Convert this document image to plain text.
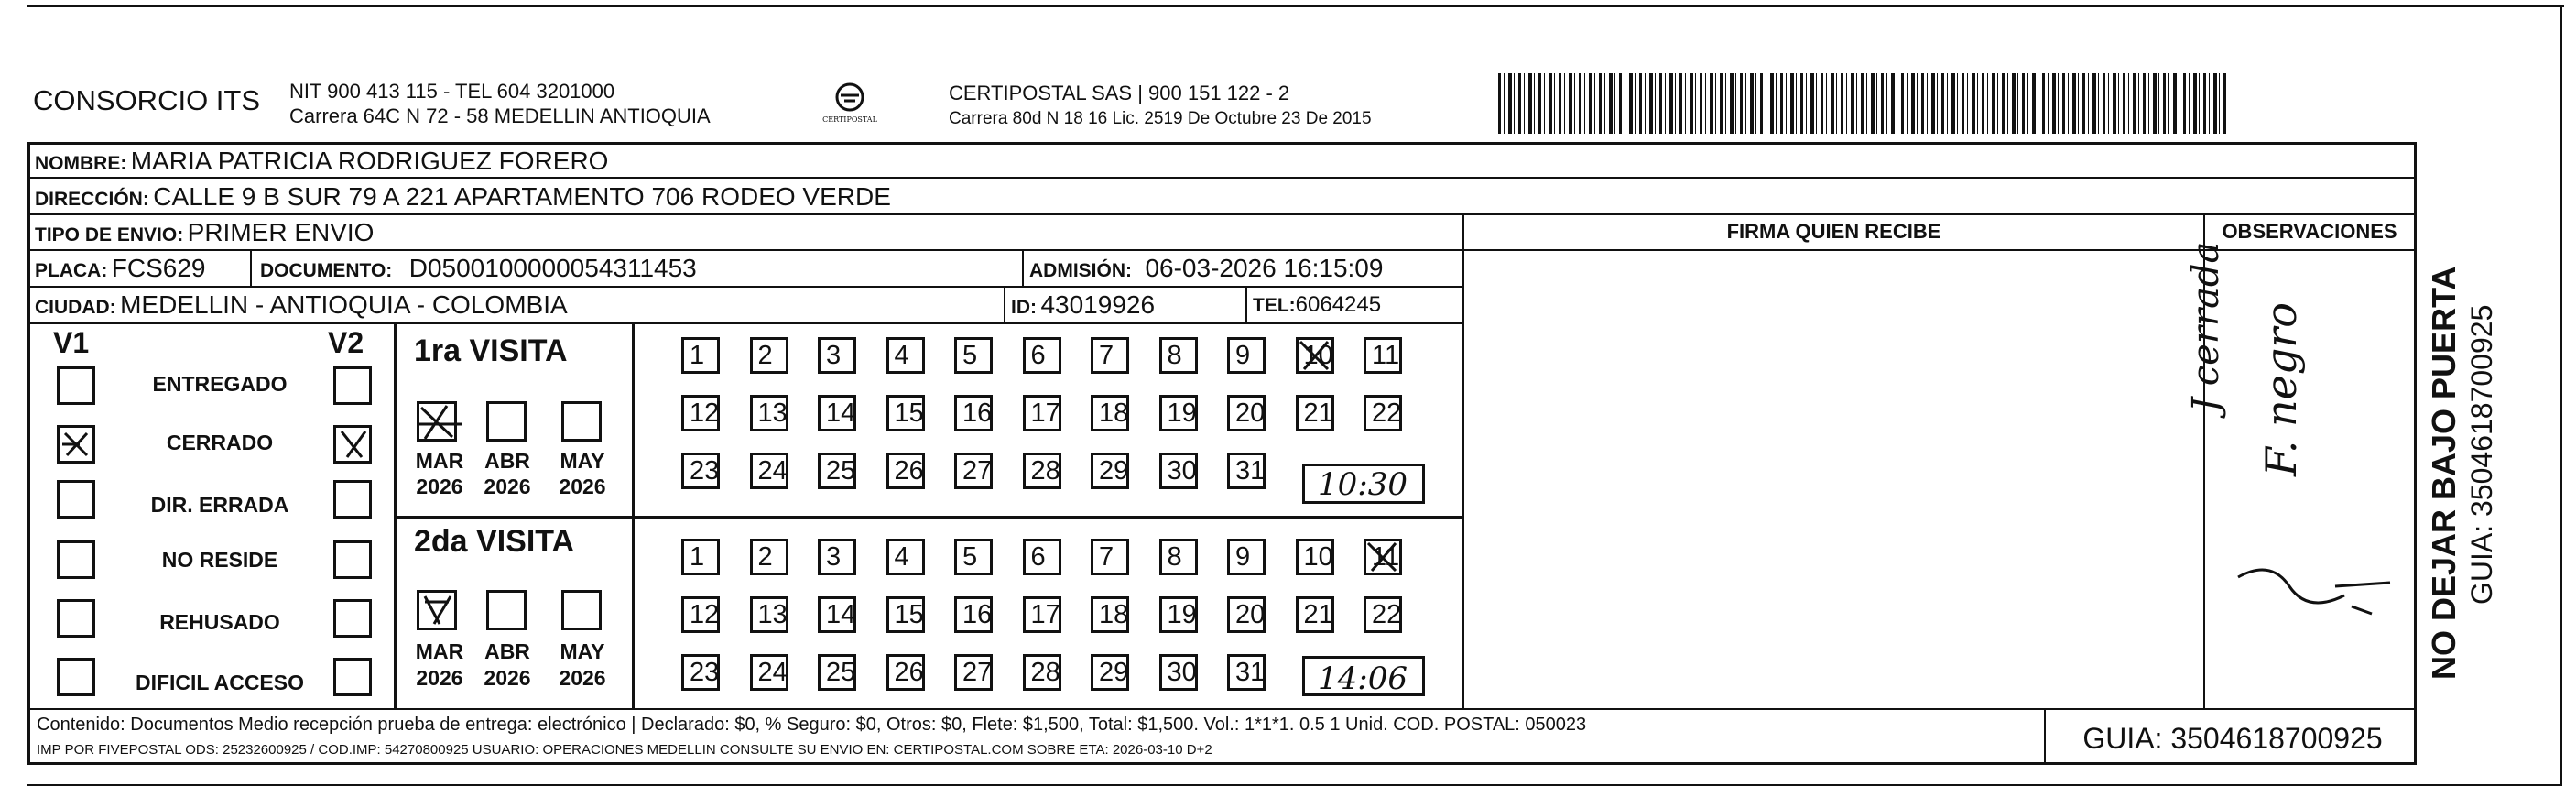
CONSORCIO ITS NIT 900 413 115 - TEL 604 3201000
Carrera 64C N 72 - 58 MEDELLIN ANTIOQUIA	CERTIPOSTAL
CERTIPOSTAL SAS | 900 151 122 - 2
Carrera 80d N 18 16 Lic. 2519 De Octubre 23 De 2015
NOMBRE: MARIA PATRICIA RODRIGUEZ FORERO
DIRECCIÓN: CALLE 9 B SUR 79 A 221 APARTAMENTO 706 RODEO VERDE
TIPO DE ENVIO: PRIMER ENVIO
PLACA: FCS629	DOCUMENTO: D0500100000054311453	ADMISIÓN: 06-03-2026 16:15:09
CIUDAD: MEDELLIN - ANTIOQUIA - COLOMBIA	ID: 43019926	TEL:6064245
FIRMA QUIEN RECIBE	OBSERVACIONES
V1	V2
ENTREGADO
CERRADO
DIR. ERRADA
NO RESIDE
REHUSADO
DIFICIL ACCESO
1ra VISITA
MAR ABR MAY
2026 2026 2026
2da VISITA
MAR ABR MAY
2026 2026 2026
1	2	3	4	5	6	7	8	9	10	11
12	13	14	15	16	17	18	19	20	21	22
23	24	25	26	27	28	29	30	31
1	2	3	4	5	6	7	8	9	10	11
12	13	14	15	16	17	18	19	20	21	22
23	24	25	26	27	28	29	30	31
10:30
14:06
J cerrada F. negro
Contenido: Documentos Medio recepción prueba de entrega: electrónico | Declarado: $0, % Seguro: $0, Otros: $0, Flete: $1,500, Total: $1,500. Vol.: 1*1*1. 0.5 1 Unid. COD. POSTAL: 050023
IMP POR FIVEPOSTAL ODS: 25232600925 / COD.IMP: 54270800925 USUARIO: OPERACIONES MEDELLIN CONSULTE SU ENVIO EN: CERTIPOSTAL.COM SOBRE ETA: 2026-03-10 D+2	GUIA: 3504618700925
NO DEJAR BAJO PUERTA GUIA: 3504618700925
